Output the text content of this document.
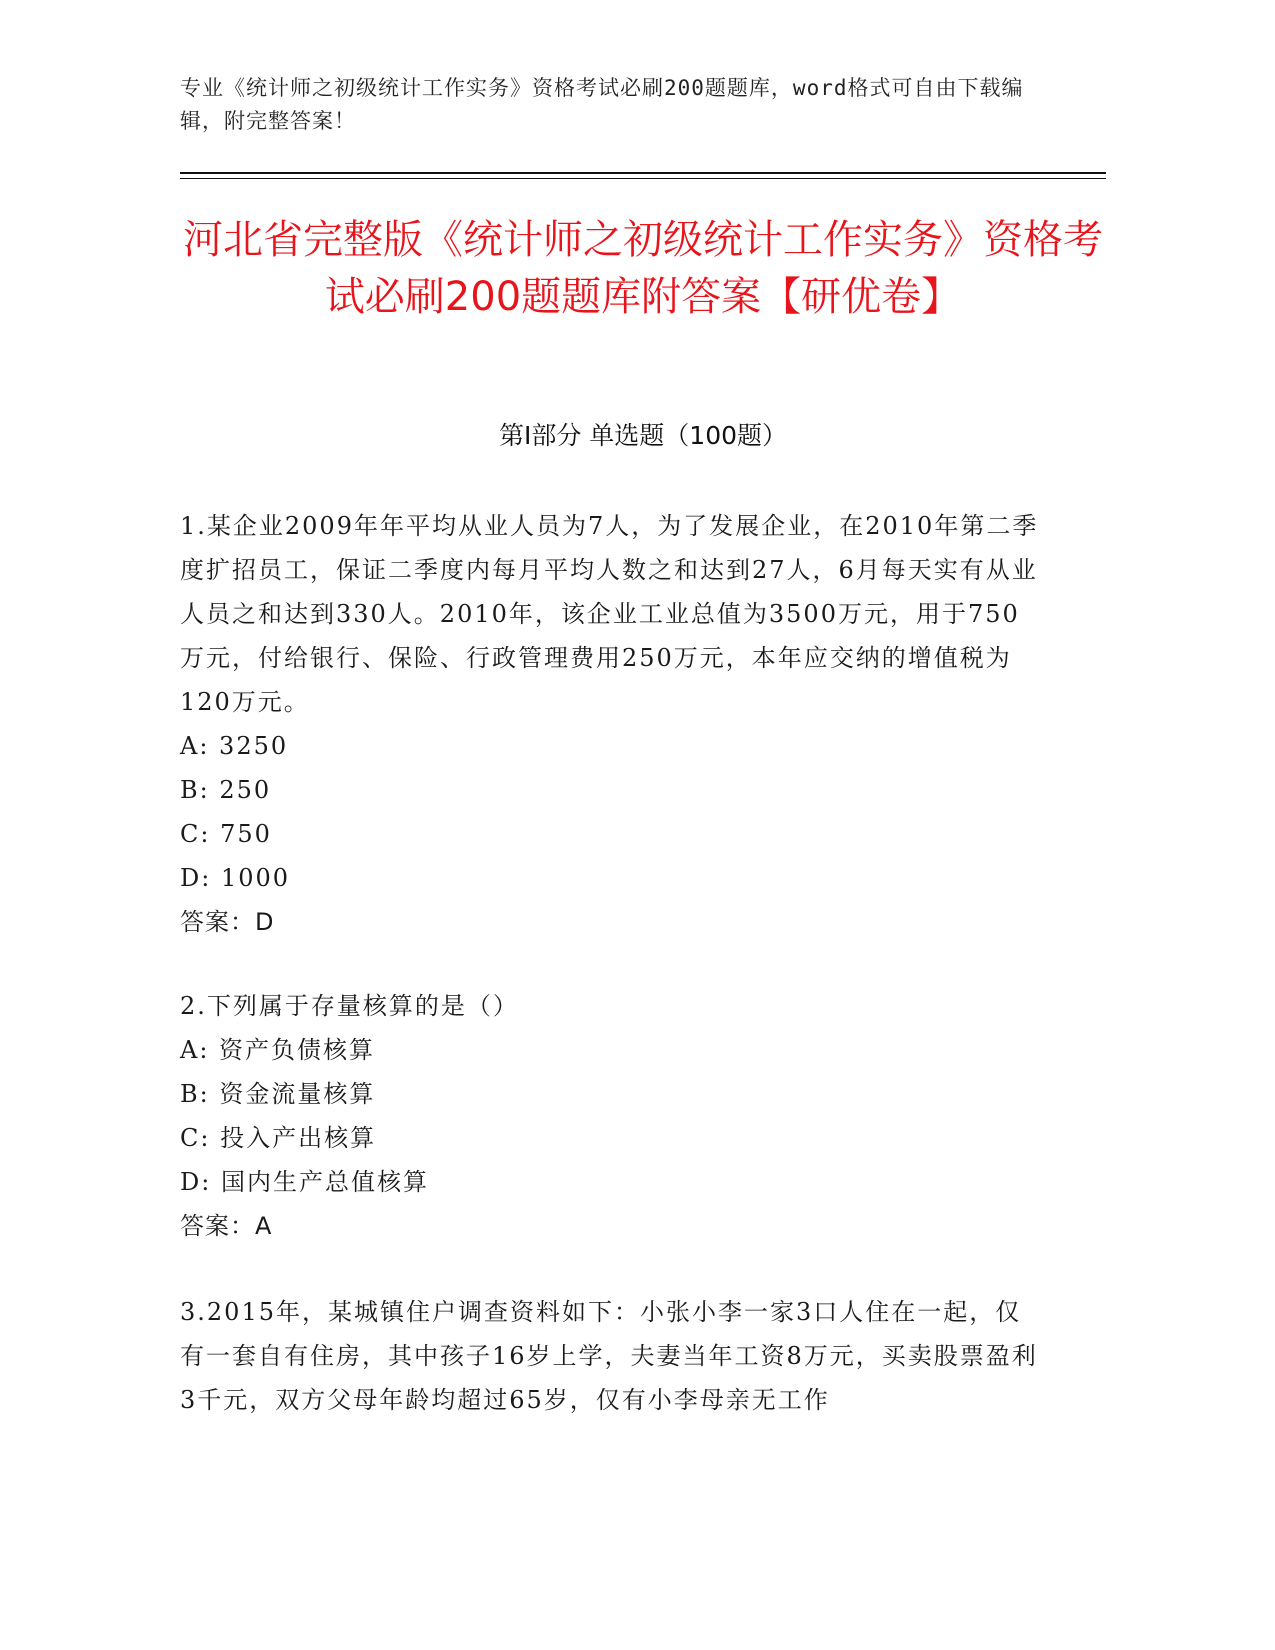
专业《统计师之初级统计工作实务》资格考试必刷200题题库，word格式可自由下载编辑，附完整答案！
河北省完整版《统计师之初级统计工作实务》资格考试必刷200题题库附答案【研优卷】
第Ⅰ部分 单选题（100题）
1.某企业2009年年平均从业人员为7人，为了发展企业，在2010年第二季度扩招员工，保证二季度内每月平均人数之和达到27人，6月每天实有从业人员之和达到330人。2010年，该企业工业总值为3500万元，用于750万元，付给银行、保险、行政管理费用250万元，本年应交纳的增值税为120万元。
A: 3250
B: 250
C: 750
D: 1000
答案：D
2.下列属于存量核算的是（）
A: 资产负债核算
B: 资金流量核算
C: 投入产出核算
D: 国内生产总值核算
答案：A
3.2015年，某城镇住户调查资料如下：小张小李一家3口人住在一起，仅有一套自有住房，其中孩子16岁上学，夫妻当年工资8万元，买卖股票盈利3千元，双方父母年龄均超过65岁，仅有小李母亲无工作
